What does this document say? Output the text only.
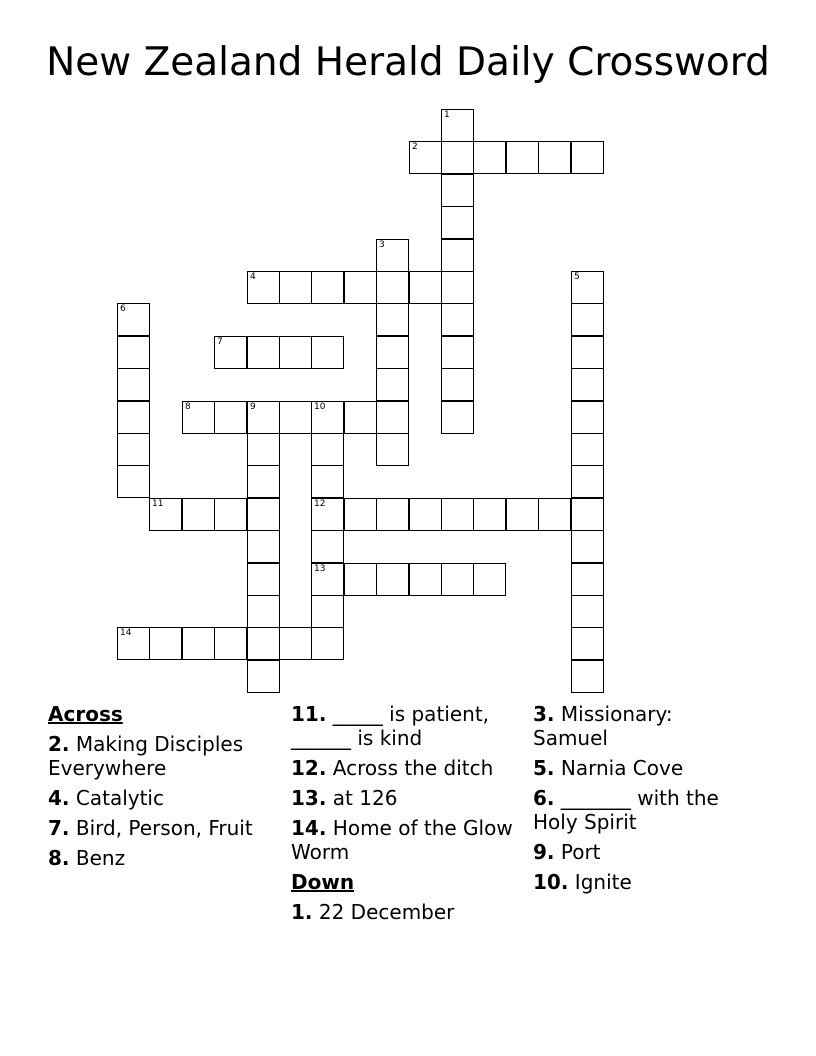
New Zealand Herald Daily Crossword
1
2
3
4	5
6
7
8	9	10
12
13
11
14
Across
2. Making Disciples Everywhere
4. Catalytic
7. Bird, Person, Fruit
8. Benz
11. _____ is patient, ______ is kind
12. Across the ditch
13. at 126
14. Home of the Glow Worm
Down
1. 22 December
3. Missionary: Samuel
5. Narnia Cove
6. _______ with the Holy Spirit
9. Port
10. Ignite
